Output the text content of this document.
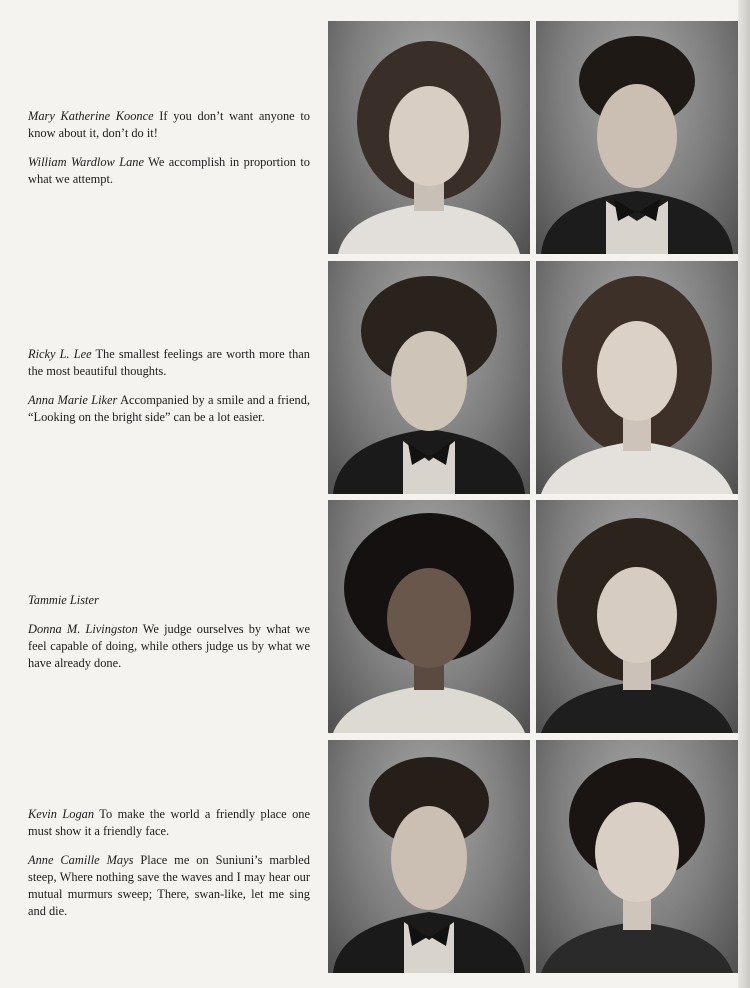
Mary Katherine Koonce If you don’t want anyone to know about it, don’t do it!

William Wardlow Lane We accomplish in proportion to what we attempt.

Ricky L. Lee The smallest feelings are worth more than the most beautiful thoughts.

Anna Marie Liker Accompanied by a smile and a friend, “Looking on the bright side” can be a lot easier.

Tammie Lister

Donna M. Livingston We judge ourselves by what we feel capable of doing, while others judge us by what we have already done.

Kevin Logan To make the world a friendly place one must show it a friendly face.

Anne Camille Mays Place me on Suniuni’s marbled steep, Where nothing save the waves and I may hear our mutual murmurs sweep; There, swan-like, let me sing and die.
